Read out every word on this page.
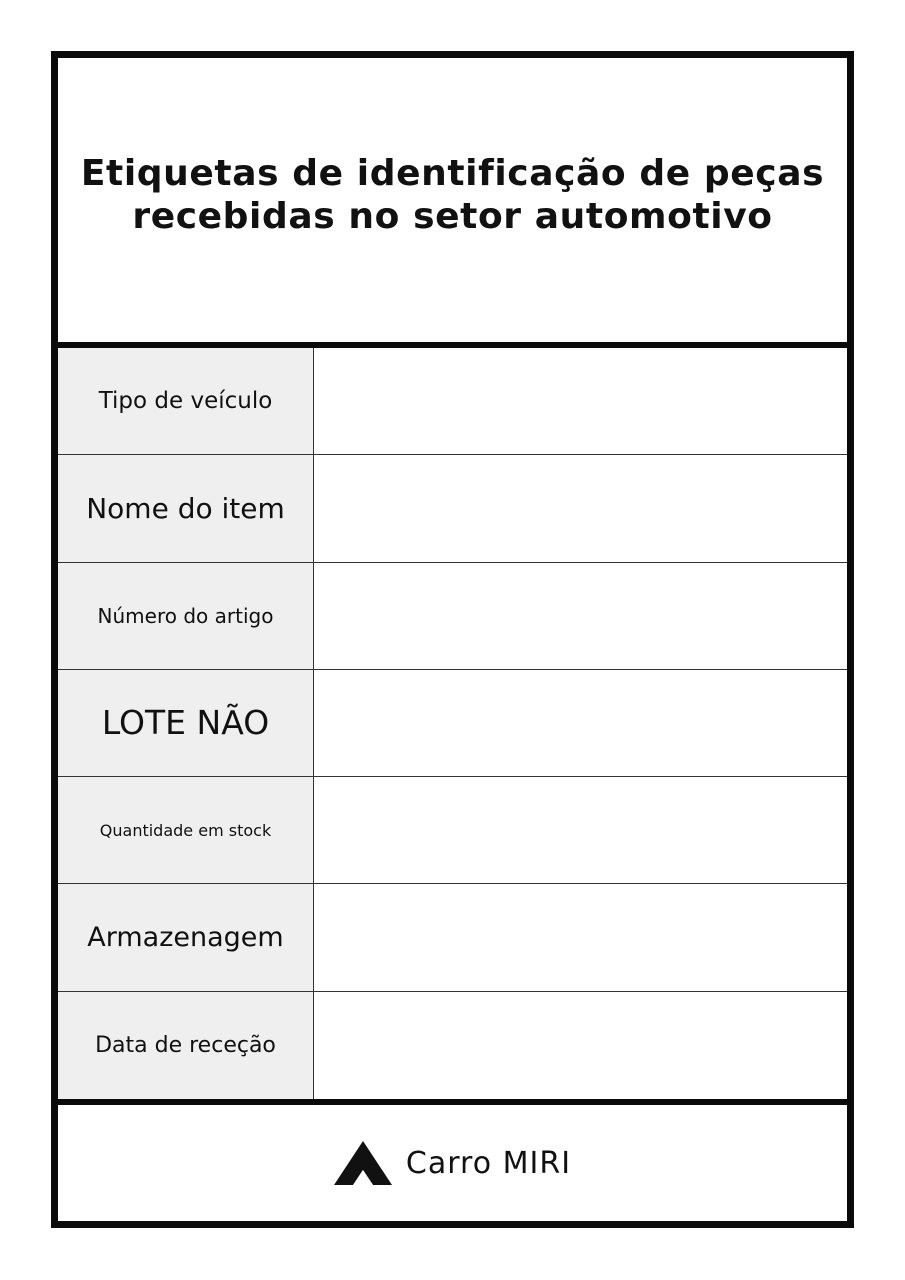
Etiquetas de identificação de peças recebidas no setor automotivo
Tipo de veículo
Nome do item
Número do artigo
LOTE NÃO
Quantidade em stock
Armazenagem
Data de receção
Carro MIRI
